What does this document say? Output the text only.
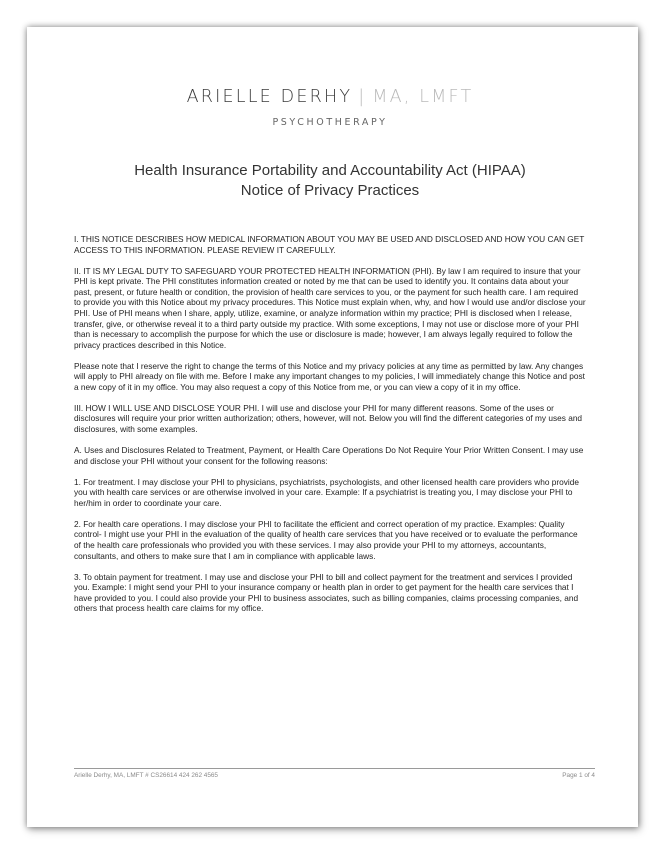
ARIELLE DERHY | MA, LMFT
PSYCHOTHERAPY
Health Insurance Portability and Accountability Act (HIPAA)
Notice of Privacy Practices

I. THIS NOTICE DESCRIBES HOW MEDICAL INFORMATION ABOUT YOU MAY BE USED AND DISCLOSED AND HOW YOU CAN GET ACCESS TO THIS INFORMATION. PLEASE REVIEW IT CAREFULLY.

II. IT IS MY LEGAL DUTY TO SAFEGUARD YOUR PROTECTED HEALTH INFORMATION (PHI). By law I am required to insure that your PHI is kept private. The PHI constitutes information created or noted by me that can be used to identify you. It contains data about your past, present, or future health or condition, the provision of health care services to you, or the payment for such health care. I am required to provide you with this Notice about my privacy procedures. This Notice must explain when, why, and how I would use and/or disclose your PHI. Use of PHI means when I share, apply, utilize, examine, or analyze information within my practice; PHI is disclosed when I release, transfer, give, or otherwise reveal it to a third party outside my practice. With some exceptions, I may not use or disclose more of your PHI than is necessary to accomplish the purpose for which the use or disclosure is made; however, I am always legally required to follow the privacy practices described in this Notice.

Please note that I reserve the right to change the terms of this Notice and my privacy policies at any time as permitted by law. Any changes will apply to PHI already on file with me. Before I make any important changes to my policies, I will immediately change this Notice and post a new copy of it in my office. You may also request a copy of this Notice from me, or you can view a copy of it in my office.

III. HOW I WILL USE AND DISCLOSE YOUR PHI. I will use and disclose your PHI for many different reasons. Some of the uses or disclosures will require your prior written authorization; others, however, will not. Below you will find the different categories of my uses and disclosures, with some examples.

A. Uses and Disclosures Related to Treatment, Payment, or Health Care Operations Do Not Require Your Prior Written Consent. I may use and disclose your PHI without your consent for the following reasons:

1. For treatment. I may disclose your PHI to physicians, psychiatrists, psychologists, and other licensed health care providers who provide you with health care services or are otherwise involved in your care. Example: If a psychiatrist is treating you, I may disclose your PHI to her/him in order to coordinate your care.

2. For health care operations. I may disclose your PHI to facilitate the efficient and correct operation of my practice. Examples: Quality control- I might use your PHI in the evaluation of the quality of health care services that you have received or to evaluate the performance of the health care professionals who provided you with these services. I may also provide your PHI to my attorneys, accountants, consultants, and others to make sure that I am in compliance with applicable laws.

3. To obtain payment for treatment. I may use and disclose your PHI to bill and collect payment for the treatment and services I provided you. Example: I might send your PHI to your insurance company or health plan in order to get payment for the health care services that I have provided to you. I could also provide your PHI to business associates, such as billing companies, claims processing companies, and others that process health care claims for my office.

Arielle Derhy, MA, LMFT # CS26614 424 262 4565	Page 1 of 4
